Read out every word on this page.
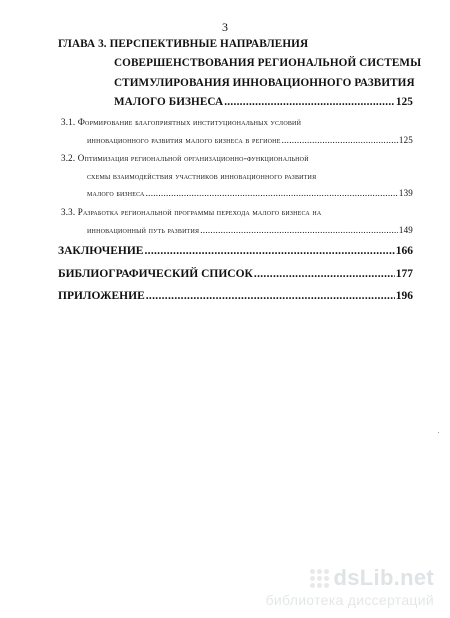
3
ГЛАВА 3. ПЕРСПЕКТИВНЫЕ НАПРАВЛЕНИЯ
СОВЕРШЕНСТВОВАНИЯ РЕГИОНАЛЬНОЙ СИСТЕМЫ
СТИМУЛИРОВАНИЯ ИННОВАЦИОННОГО РАЗВИТИЯ
МАЛОГО БИЗНЕСА .....	125
3.1. Формирование благоприятных институциональных условий
инновационного развития малого бизнеса в регионе .....	125
3.2. Оптимизация региональной организационно-функциональной
схемы взаимодействия участников инновационного развития
малого бизнеса .....	139
3.3. Разработка региональной программы перехода малого бизнеса на
инновационный путь развития .....	149
ЗАКЛЮЧЕНИЕ .....	166
БИБЛИОГРАФИЧЕСКИЙ СПИСОК .....	177
ПРИЛОЖЕНИЕ .....	196
dsLib.net
библиотека диссертаций
